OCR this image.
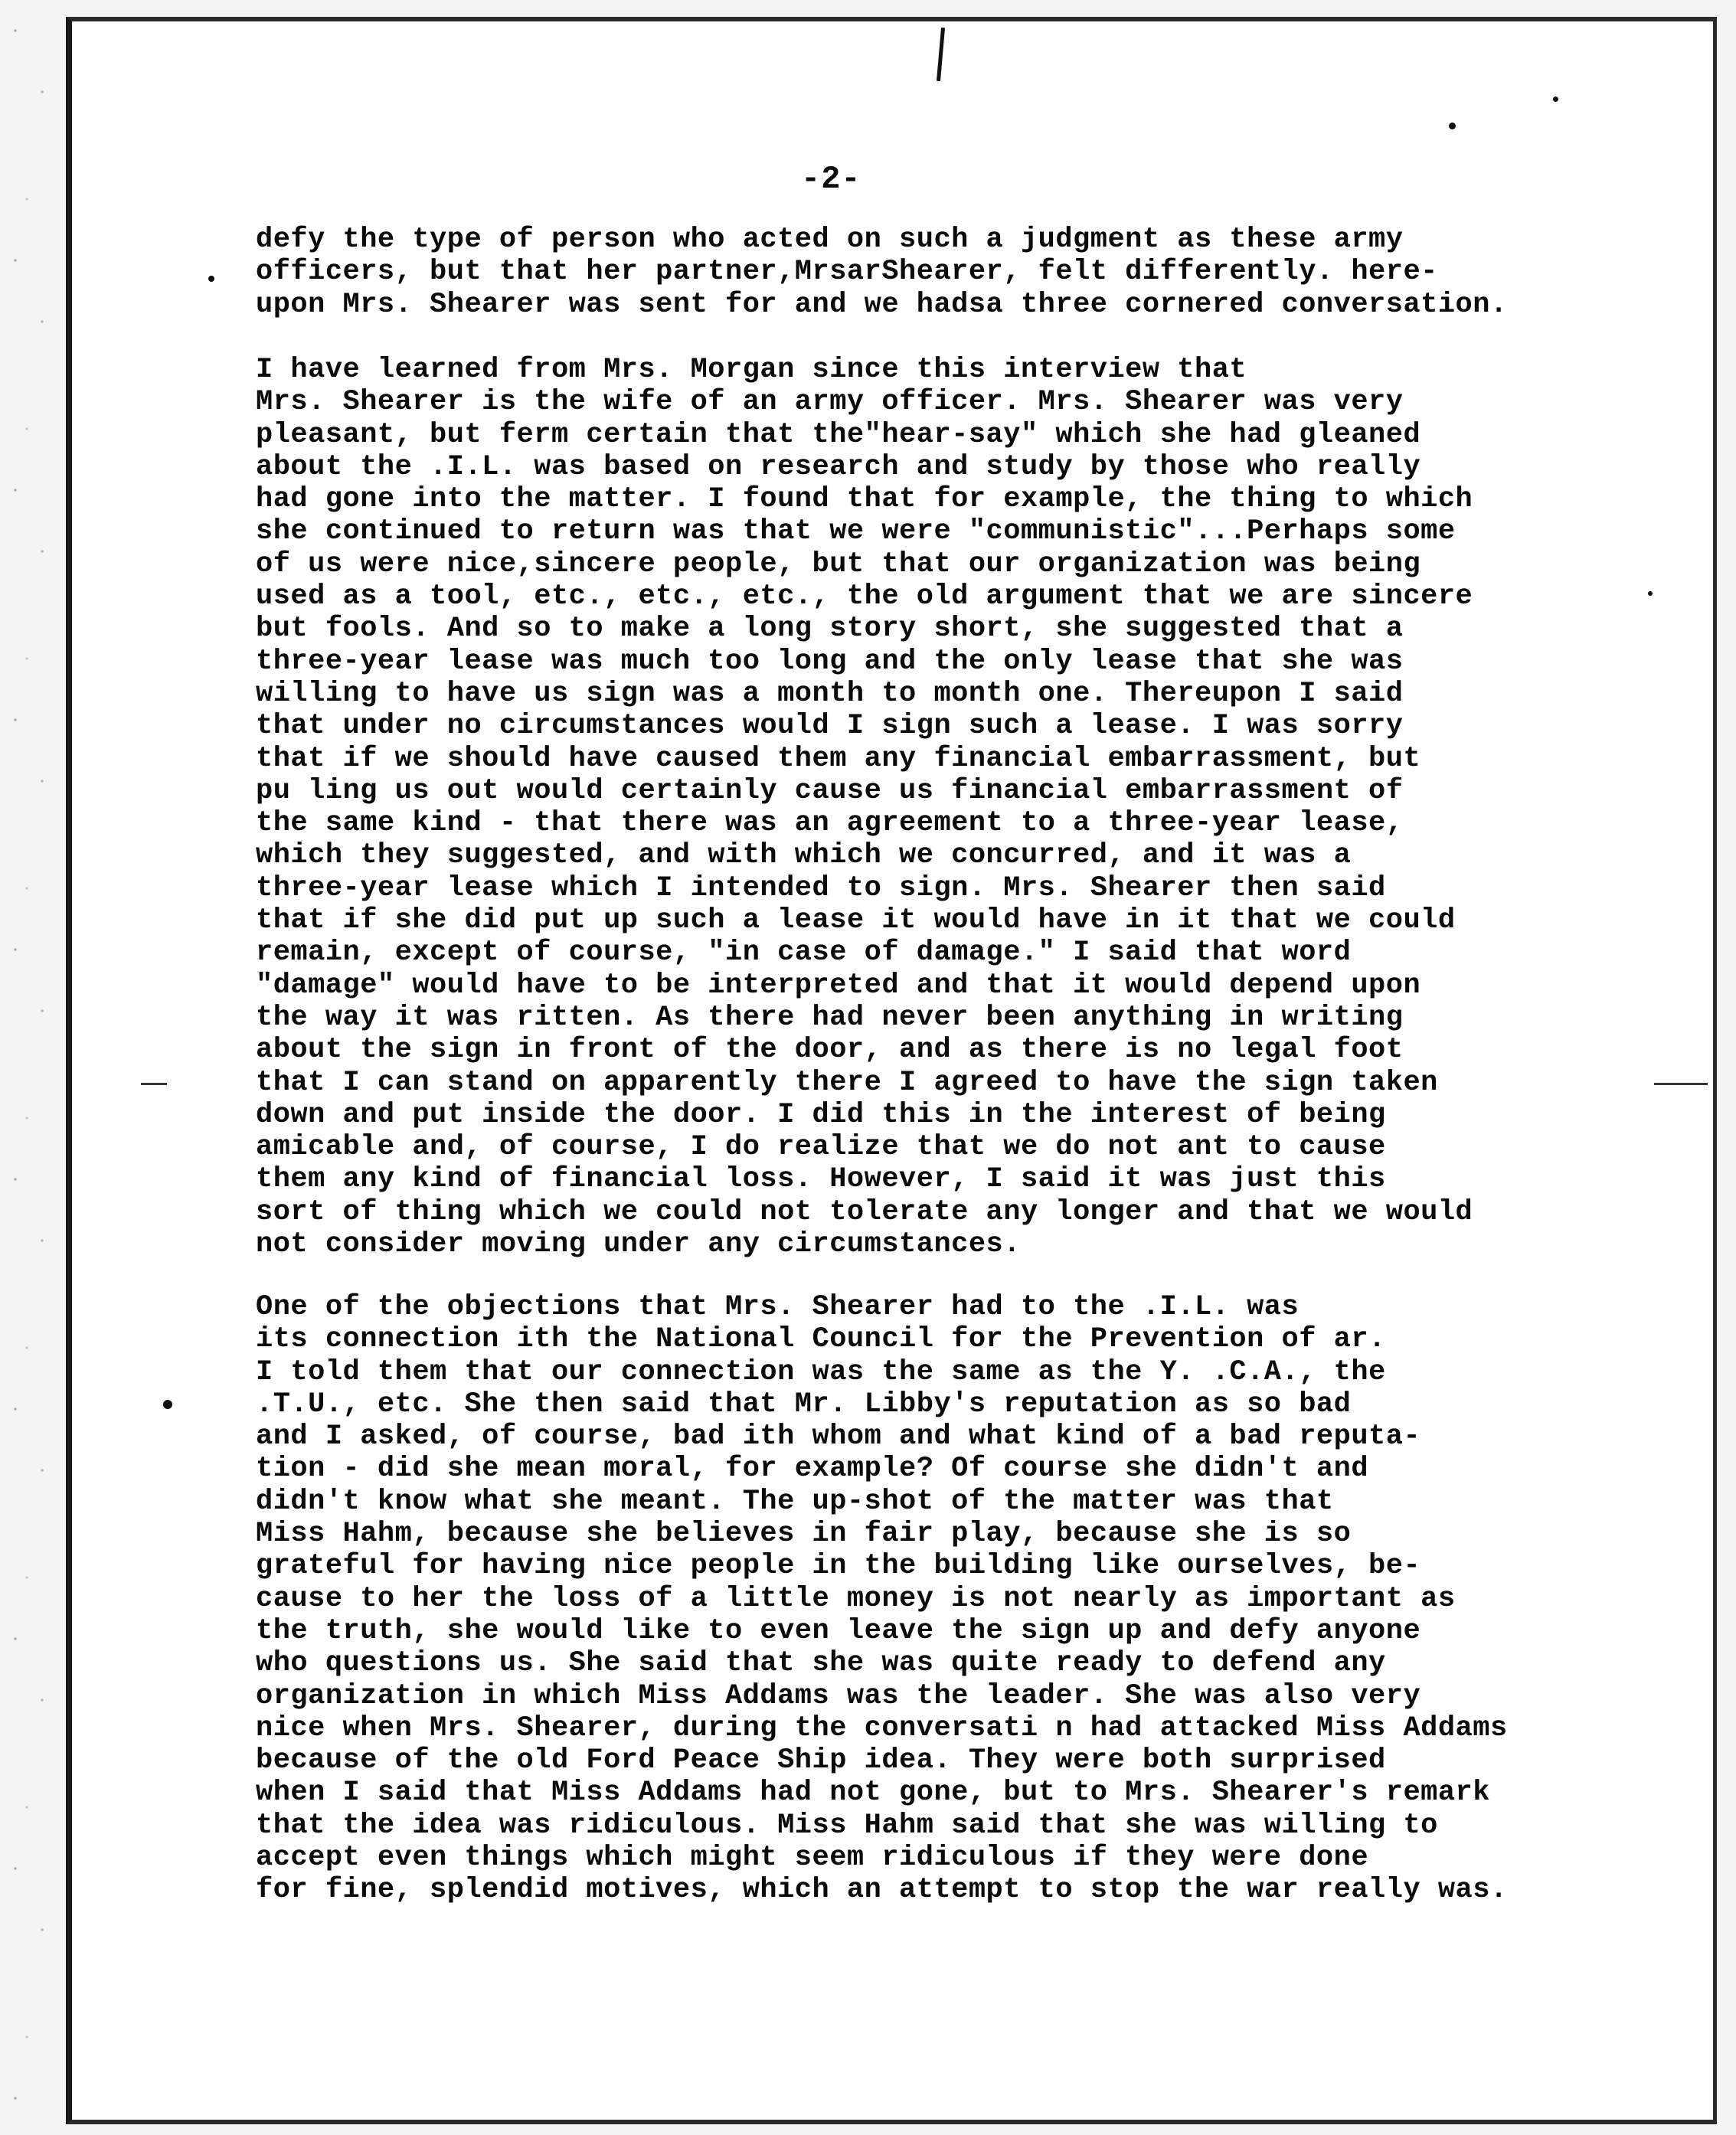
-2-

defy the type of person who acted on such a judgment as these army
officers, but that her partner,MrsarShearer, felt differently. here-
upon Mrs. Shearer was sent for and we hadsa three cornered conversation.

I have learned from Mrs. Morgan since this interview that
Mrs. Shearer is the wife of an army officer. Mrs. Shearer was very
pleasant, but ferm certain that the"hear-say" which she had gleaned
about the .I.L. was based on research and study by those who really
had gone into the matter. I found that for example, the thing to which
she continued to return was that we were "communistic"...Perhaps some
of us were nice,sincere people, but that our organization was being
used as a tool, etc., etc., etc., the old argument that we are sincere
but fools. And so to make a long story short, she suggested that a
three-year lease was much too long and the only lease that she was
willing to have us sign was a month to month one. Thereupon I said
that under no circumstances would I sign such a lease. I was sorry
that if we should have caused them any financial embarrassment, but
pu ling us out would certainly cause us financial embarrassment of
the same kind - that there was an agreement to a three-year lease,
which they suggested, and with which we concurred, and it was a
three-year lease which I intended to sign. Mrs. Shearer then said
that if she did put up such a lease it would have in it that we could
remain, except of course, "in case of damage." I said that word
"damage" would have to be interpreted and that it would depend upon
the way it was ritten. As there had never been anything in writing
about the sign in front of the door, and as there is no legal foot
that I can stand on apparently there I agreed to have the sign taken
down and put inside the door. I did this in the interest of being
amicable and, of course, I do realize that we do not ant to cause
them any kind of financial loss. However, I said it was just this
sort of thing which we could not tolerate any longer and that we would
not consider moving under any circumstances.

One of the objections that Mrs. Shearer had to the .I.L. was
its connection ith the National Council for the Prevention of ar.
I told them that our connection was the same as the Y. .C.A., the
.T.U., etc. She then said that Mr. Libby's reputation as so bad
and I asked, of course, bad ith whom and what kind of a bad reputa-
tion - did she mean moral, for example? Of course she didn't and
didn't know what she meant. The up-shot of the matter was that
Miss Hahm, because she believes in fair play, because she is so
grateful for having nice people in the building like ourselves, be-
cause to her the loss of a little money is not nearly as important as
the truth, she would like to even leave the sign up and defy anyone
who questions us. She said that she was quite ready to defend any
organization in which Miss Addams was the leader. She was also very
nice when Mrs. Shearer, during the conversati n had attacked Miss Addams
because of the old Ford Peace Ship idea. They were both surprised
when I said that Miss Addams had not gone, but to Mrs. Shearer's remark
that the idea was ridiculous. Miss Hahm said that she was willing to
accept even things which might seem ridiculous if they were done
for fine, splendid motives, which an attempt to stop the war really was.
